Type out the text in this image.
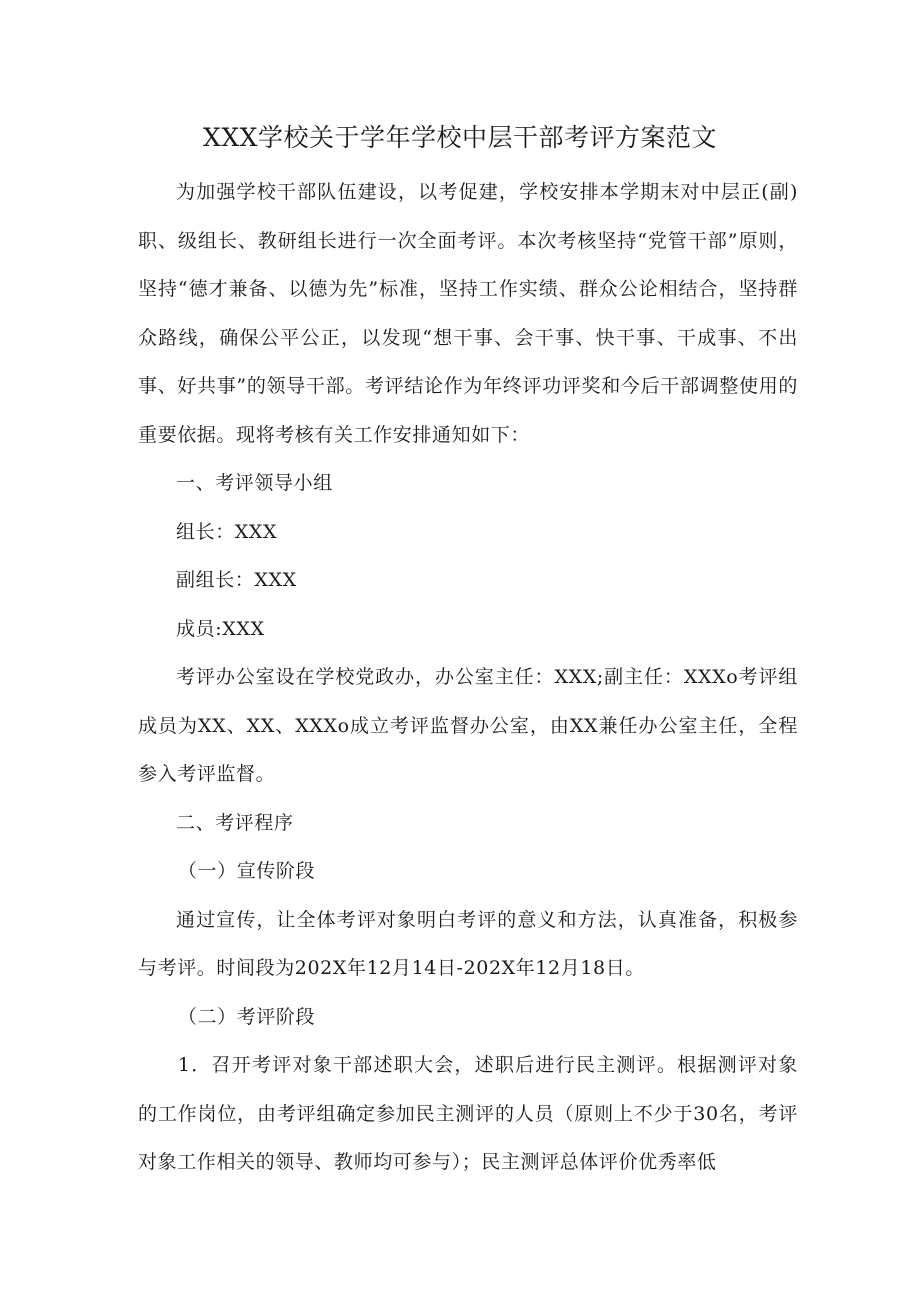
XXX学校关于学年学校中层干部考评方案范文

为加强学校干部队伍建设，以考促建，学校安排本学期末对中层正(副)职、级组长、教研组长进行一次全面考评。本次考核坚持“党管干部”原则，坚持“德才兼备、以德为先”标准，坚持工作实绩、群众公论相结合，坚持群众路线，确保公平公正，以发现“想干事、会干事、快干事、干成事、不出事、好共事”的领导干部。考评结论作为年终评功评奖和今后干部调整使用的重要依据。现将考核有关工作安排通知如下：

一、考评领导小组

组长：XXX

副组长：XXX

成员:XXX

考评办公室设在学校党政办，办公室主任：XXX;副主任：XXXo考评组成员为XX、XX、XXXo成立考评监督办公室，由XX兼任办公室主任，全程参入考评监督。

二、考评程序

（一）宣传阶段

通过宣传，让全体考评对象明白考评的意义和方法，认真准备，积极参与考评。时间段为202X年12月14日-202X年12月18日。

（二）考评阶段

1．召开考评对象干部述职大会，述职后进行民主测评。根据测评对象的工作岗位，由考评组确定参加民主测评的人员（原则上不少于30名，考评对象工作相关的领导、教师均可参与）；民主测评总体评价优秀率低
